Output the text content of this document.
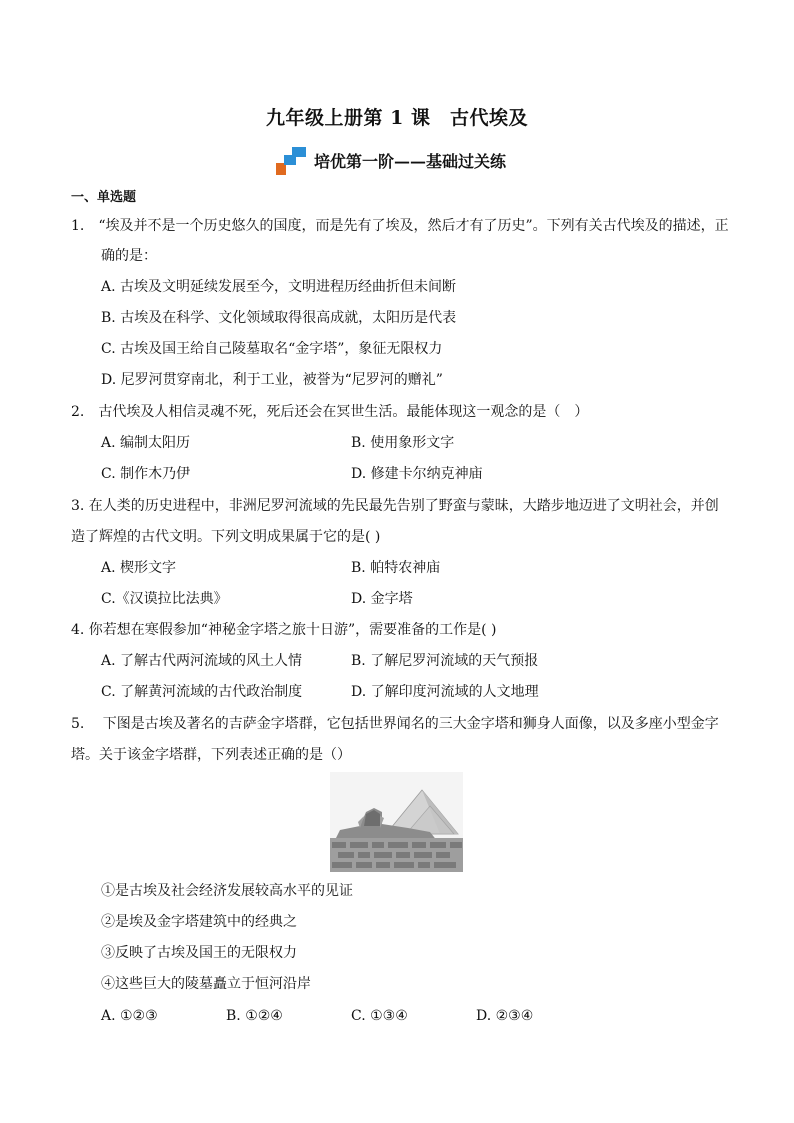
九年级上册第 1 课　古代埃及
培优第一阶——基础过关练
一、单选题
1.　“埃及并不是一个历史悠久的国度，而是先有了埃及，然后才有了历史”。下列有关古代埃及的描述，正
确的是：
A. 古埃及文明延续发展至今，文明进程历经曲折但未间断
B. 古埃及在科学、文化领域取得很高成就，太阳历是代表
C. 古埃及国王给自己陵墓取名“金字塔”，象征无限权力
D. 尼罗河贯穿南北，利于工业，被誉为“尼罗河的赠礼”
2.　古代埃及人相信灵魂不死，死后还会在冥世生活。最能体现这一观念的是（　）
A. 编制太阳历	B. 使用象形文字
C. 制作木乃伊	D. 修建卡尔纳克神庙
3. 在人类的历史进程中，非洲尼罗河流域的先民最先告别了野蛮与蒙昧，大踏步地迈进了文明社会，并创
造了辉煌的古代文明。下列文明成果属于它的是( )
A. 楔形文字	B. 帕特农神庙
C.《汉谟拉比法典》	D. 金字塔
4. 你若想在寒假参加“神秘金字塔之旅十日游”，需要准备的工作是( )
A. 了解古代两河流域的风土人情	B. 了解尼罗河流域的天气预报
C. 了解黄河流域的古代政治制度	D. 了解印度河流域的人文地理
5.　 下图是古埃及著名的吉萨金字塔群，它包括世界闻名的三大金字塔和狮身人面像，以及多座小型金字
塔。关于该金字塔群，下列表述正确的是（）
①是古埃及社会经济发展较高水平的见证
②是埃及金字塔建筑中的经典之
③反映了古埃及国王的无限权力
④这些巨大的陵墓矗立于恒河沿岸
A. ①②③	B. ①②④	C. ①③④	D. ②③④
